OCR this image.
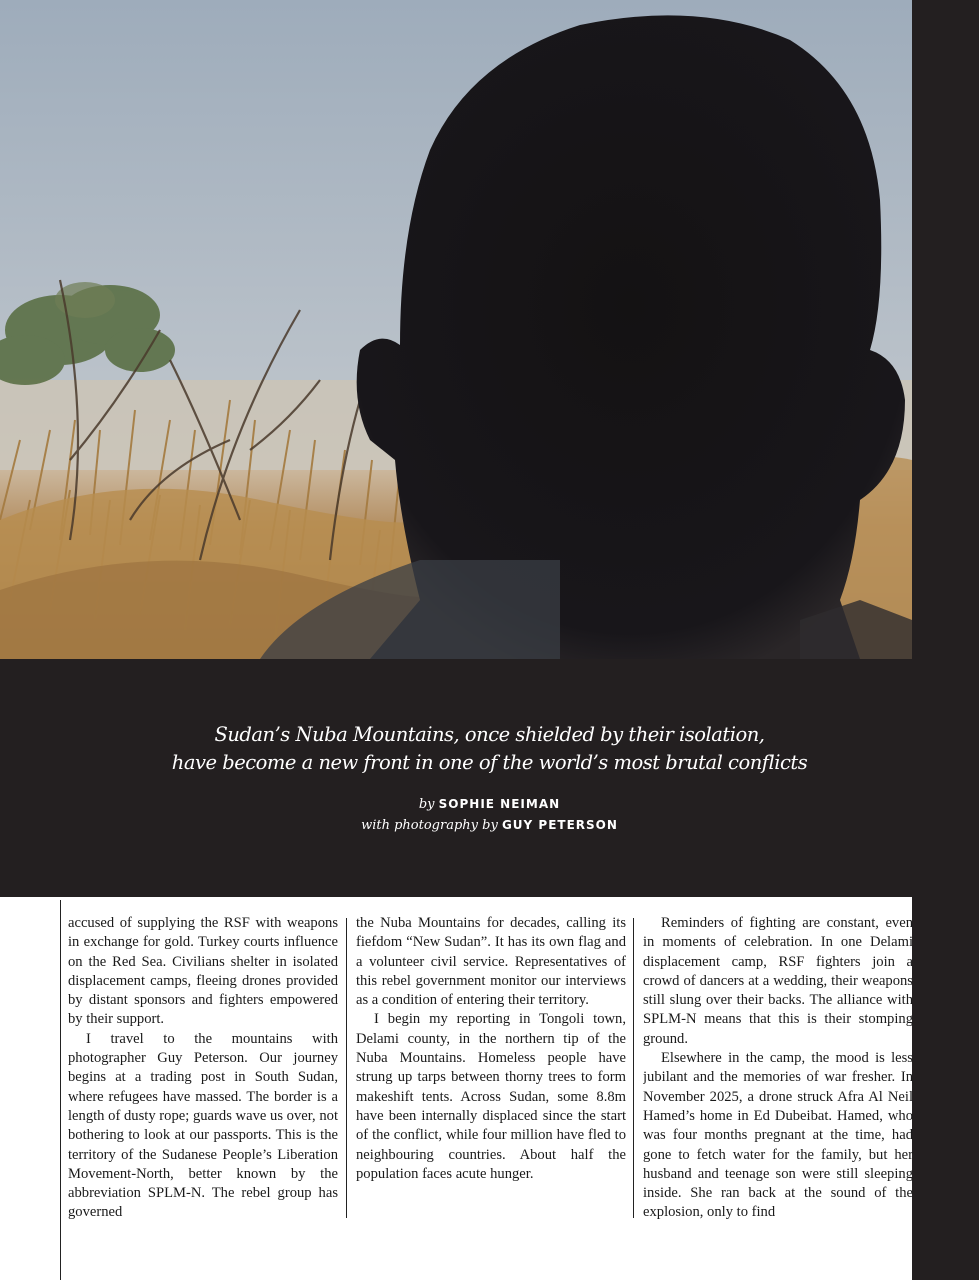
Sudan’s Nuba Mountains, once shielded by their isolation,
have become a new front in one of the world’s most brutal conflicts
by SOPHIE NEIMAN
with photography by GUY PETERSON

accused of supplying the RSF with weapons in exchange for gold. Turkey courts influence on the Red Sea. Civilians shelter in isolated displacement camps, fleeing drones provided by distant sponsors and fighters empowered by their support.

I travel to the mountains with photographer Guy Peterson. Our journey begins at a trading post in South Sudan, where refugees have massed. The border is a length of dusty rope; guards wave us over, not bothering to look at our passports. This is the territory of the Sudanese People’s Liberation Movement-North, better known by the abbreviation SPLM-N. The rebel group has governed

the Nuba Mountains for decades, calling its fiefdom “New Sudan”. It has its own flag and a volunteer civil service. Representatives of this rebel government monitor our interviews as a condition of entering their territory.

I begin my reporting in Tongoli town, Delami county, in the northern tip of the Nuba Mountains. Homeless people have strung up tarps between thorny trees to form makeshift tents. Across Sudan, some 8.8m have been internally displaced since the start of the conflict, while four million have fled to neighbouring countries. About half the population faces acute hunger.

Reminders of fighting are constant, even in moments of celebration. In one Delami displacement camp, RSF fighters join a crowd of dancers at a wedding, their weapons still slung over their backs. The alliance with SPLM-N means that this is their stomping ground.

Elsewhere in the camp, the mood is less jubilant and the memories of war fresher. In November 2025, a drone struck Afra Al Neil Hamed’s home in Ed Dubeibat. Hamed, who was four months pregnant at the time, had gone to fetch water for the family, but her husband and teenage son were still sleeping inside. She ran back at the sound of the explosion, only to find
